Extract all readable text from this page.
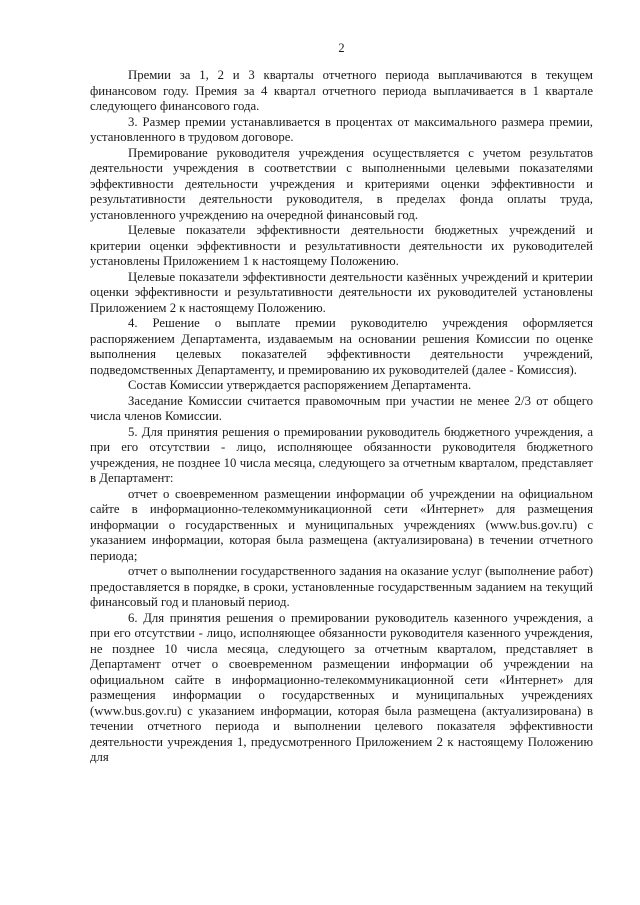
2

Премии за 1, 2 и 3 кварталы отчетного периода выплачиваются в текущем финансовом году. Премия за 4 квартал отчетного периода выплачивается в 1 квартале следующего финансового года.

3. Размер премии устанавливается в процентах от максимального размера премии, установленного в трудовом договоре.

Премирование руководителя учреждения осуществляется с учетом результатов деятельности учреждения в соответствии с выполненными целевыми показателями эффективности деятельности учреждения и критериями оценки эффективности и результативности деятельности руководителя, в пределах фонда оплаты труда, установленного учреждению на очередной финансовый год.

Целевые показатели эффективности деятельности бюджетных учреждений и критерии оценки эффективности и результативности деятельности их руководителей установлены Приложением 1 к настоящему Положению.

Целевые показатели эффективности деятельности казённых учреждений и критерии оценки эффективности и результативности деятельности их руководителей установлены Приложением 2 к настоящему Положению.

4. Решение о выплате премии руководителю учреждения оформляется распоряжением Департамента, издаваемым на основании решения Комиссии по оценке выполнения целевых показателей эффективности деятельности учреждений, подведомственных Департаменту, и премированию их руководителей (далее - Комиссия).

Состав Комиссии утверждается распоряжением Департамента.

Заседание Комиссии считается правомочным при участии не менее 2/3 от общего числа членов Комиссии.

5. Для принятия решения о премировании руководитель бюджетного учреждения, а при его отсутствии - лицо, исполняющее обязанности руководителя бюджетного учреждения, не позднее 10 числа месяца, следующего за отчетным кварталом, представляет в Департамент:

отчет о своевременном размещении информации об учреждении на официальном сайте в информационно-телекоммуникационной сети «Интернет» для размещения информации о государственных и муниципальных учреждениях (www.bus.gov.ru) с указанием информации, которая была размещена (актуализирована) в течении отчетного периода;

отчет о выполнении государственного задания на оказание услуг (выполнение работ) предоставляется в порядке, в сроки, установленные государственным заданием на текущий финансовый год и плановый период.

6. Для принятия решения о премировании руководитель казенного учреждения, а при его отсутствии - лицо, исполняющее обязанности руководителя казенного учреждения, не позднее 10 числа месяца, следующего за отчетным кварталом, представляет в Департамент отчет о своевременном размещении информации об учреждении на официальном сайте в информационно-телекоммуникационной сети «Интернет» для размещения информации о государственных и муниципальных учреждениях (www.bus.gov.ru) с указанием информации, которая была размещена (актуализирована) в течении отчетного периода и выполнении целевого показателя эффективности деятельности учреждения 1, предусмотренного Приложением 2 к настоящему Положению для
